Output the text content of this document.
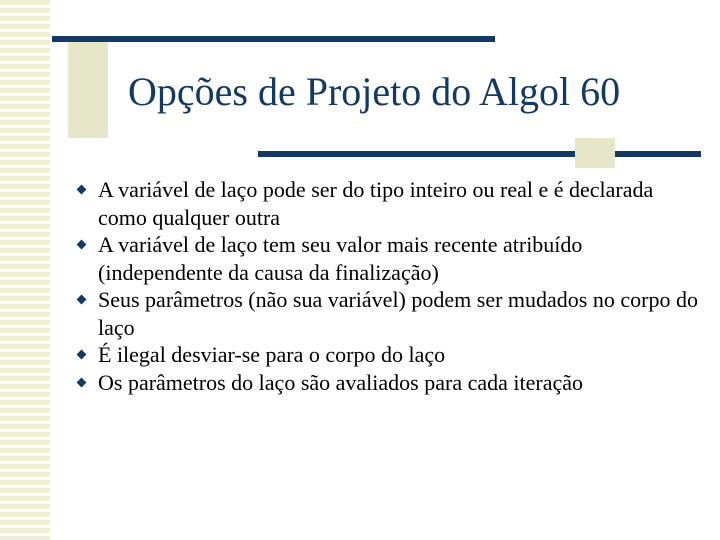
Opções de Projeto do Algol 60
A variável de laço pode ser do tipo inteiro ou real e é declarada como qualquer outra
A variável de laço tem seu valor mais recente atribuído (independente da causa da finalização)
Seus parâmetros (não sua variável) podem ser mudados no corpo do laço
É ilegal desviar-se para o corpo do laço
Os parâmetros do laço são avaliados para cada iteração
